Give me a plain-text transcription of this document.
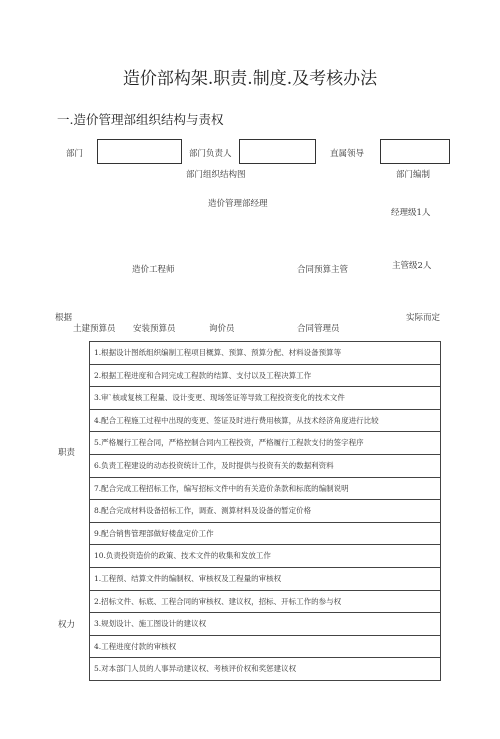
造价部构架.职责.制度.及考核办法
一.造价管理部组织结构与责权
部门	部门负责人	直属领导
部门组织结构图	部门编制
造价管理部经理
经理级1人
造价工程师	合同预算主管	主管级2人
根据	实际而定
土建预算员 安装预算员	询价员	合同管理员
职责
权力
1.根据设计图纸组织编制工程项目概算、预算、预算分配、材料设备预算等
2.根据工程进度和合同完成工程款的结算、支付以及工程决算工作
3.审`核或复核工程量、设计变更、现场签证等导致工程投资变化的技术文件
4.配合工程施工过程中出现的变更、签证及时进行费用核算，从技术经济角度进行比较
5.严格履行工程合同，严格控制合同内工程投资，严格履行工程款支付的签字程序
6.负责工程建设的动态投资统计工作，及时提供与投资有关的数据利资料
7.配合完成工程招标工作，编写招标文件中的有关造价条款和标底的编制说明
8.配合完成材料设备招标工作，调查、测算材料及设备的暂定价格
9.配合销售管理部做好楼盘定价工作
10.负责投资造价的政策、技术文件的收集和发放工作
1.工程预、结算文件的编制权、审核权及工程量的审核权
2.招标文件、标底、工程合同的审核权、建议权，招标、开标工作的参与权
3.规划设计、施工图设计的建议权
4.工程进度付款的审核权
5.对本部门人员的人事异动建议权、考核评价权和奖惩建议权
